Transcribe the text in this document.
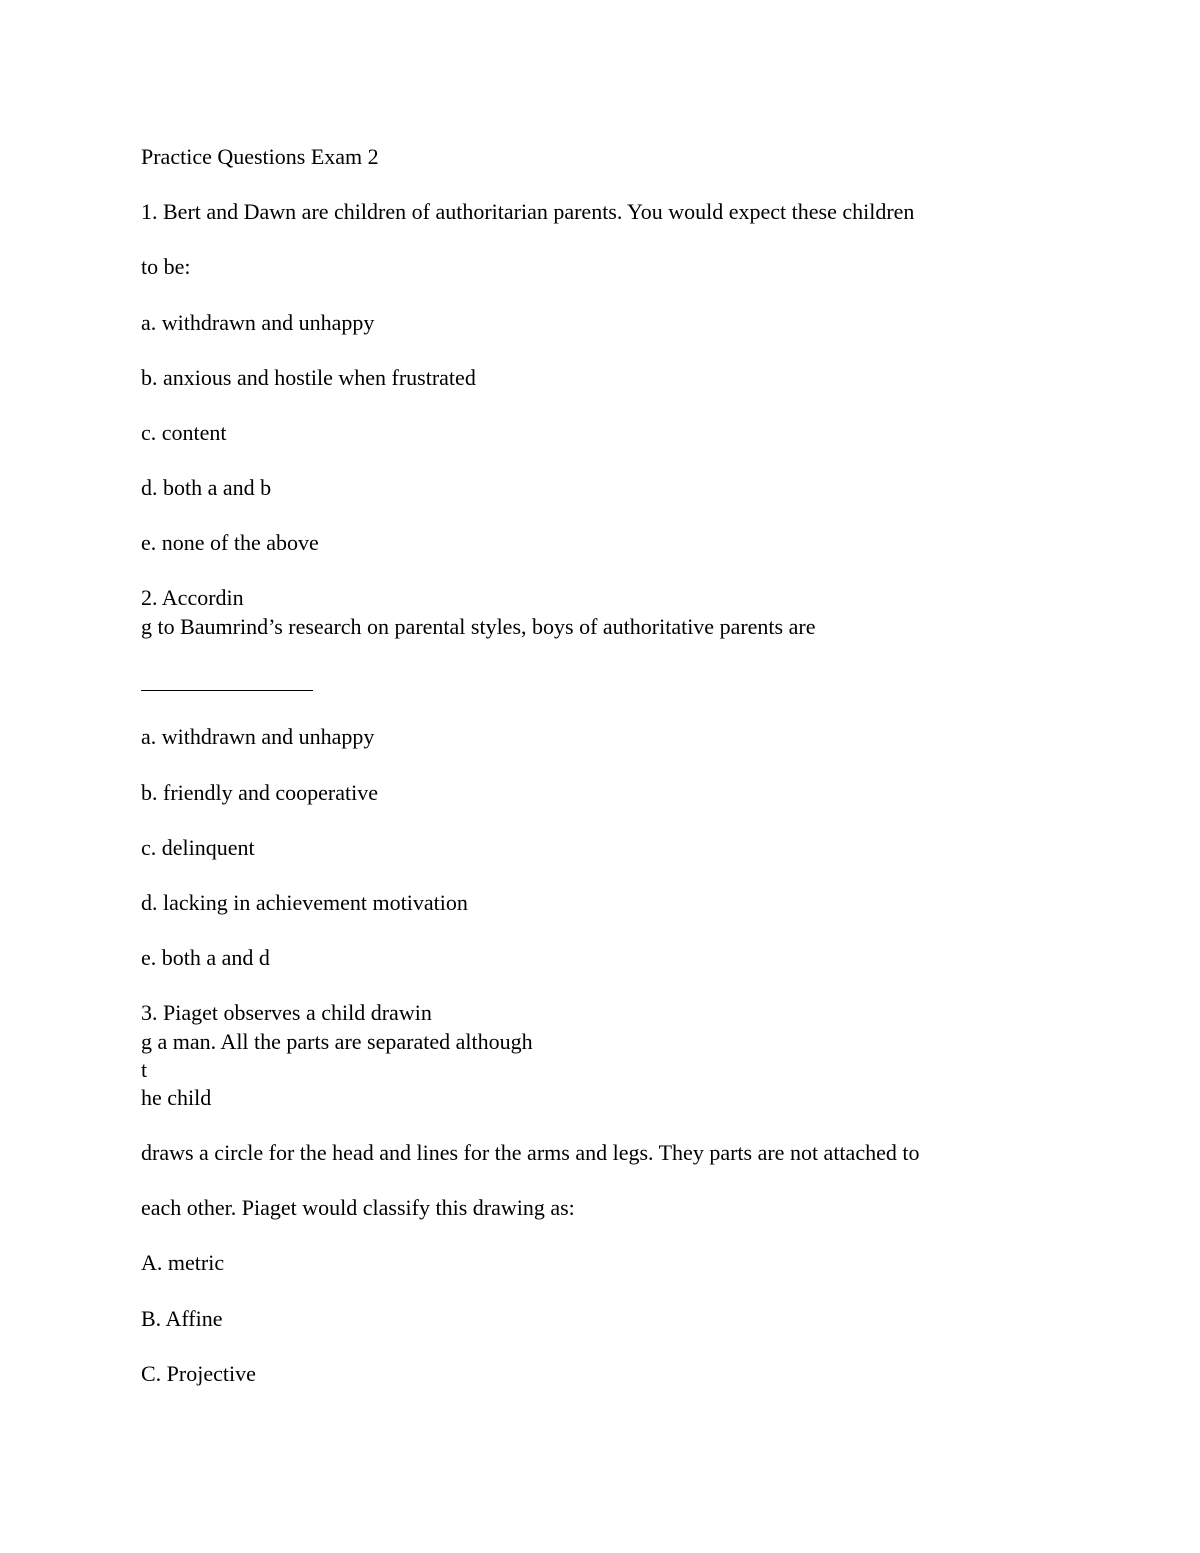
Practice Questions Exam 2
1. Bert and Dawn are children of authoritarian parents. You would expect these children
to be:
a. withdrawn and unhappy
b. anxious and hostile when frustrated
c. content
d. both a and b
e. none of the above
2. Accordin
g to Baumrind’s research on parental styles, boys of authoritative parents are
a. withdrawn and unhappy
b. friendly and cooperative
c. delinquent
d. lacking in achievement motivation
e. both a and d
3. Piaget observes a child drawin
g a man. All the parts are separated although
t
he child
draws a circle for the head and lines for the arms and legs. They parts are not attached to
each other. Piaget would classify this drawing as:
A. metric
B. Affine
C. Projective
